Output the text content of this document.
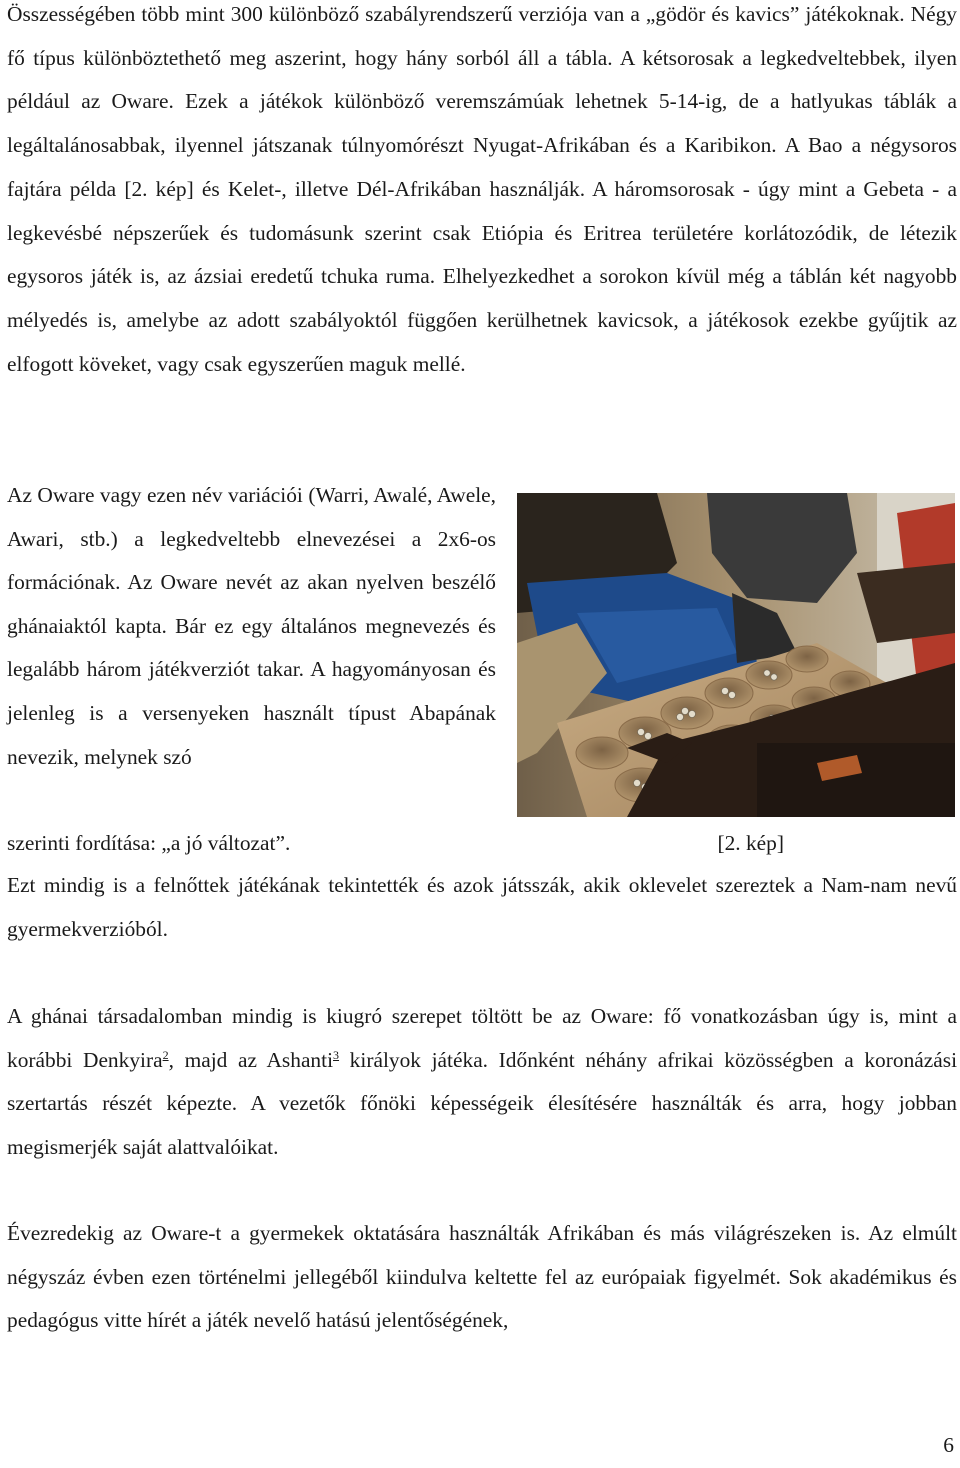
Összességében több mint 300 különböző szabályrendszerű verziója van a „gödör és kavics” játékoknak. Négy fő típus különböztethető meg aszerint, hogy hány sorból áll a tábla. A kétsorosak a legkedveltebbek, ilyen például az Oware. Ezek a játékok különböző veremszámúak lehetnek 5-14-ig, de a hatlyukas táblák a legáltalánosabbak, ilyennel játszanak túlnyomórészt Nyugat-Afrikában és a Karibikon. A Bao a négysoros fajtára példa [2. kép] és Kelet-, illetve Dél-Afrikában használják. A háromsorosak - úgy mint a Gebeta - a legkevésbé népszerűek és tudomásunk szerint csak Etiópia és Eritrea területére korlátozódik, de létezik egysoros játék is, az ázsiai eredetű tchuka ruma. Elhelyezkedhet a sorokon kívül még a táblán két nagyobb mélyedés is, amelybe az adott szabályoktól függően kerülhetnek kavicsok, a játékosok ezekbe gyűjtik az elfogott köveket, vagy csak egyszerűen maguk mellé.

Az Oware vagy ezen név variációi (Warri, Awalé, Awele, Awari, stb.) a legkedveltebb elnevezései a 2x6-os formációnak. Az Oware nevét az akan nyelven beszélő ghánaiaktól kapta. Bár ez egy általános megnevezés és legalább három játékverziót takar. A hagyományosan és jelenleg is a versenyeken használt típust Abapának nevezik, melynek szó

szerinti fordítása: „a jó változat”.	[2. kép]

Ezt mindig is a felnőttek játékának tekintették és azok játsszák, akik oklevelet szereztek a Nam-nam nevű gyermekverzióból.

A ghánai társadalomban mindig is kiugró szerepet töltött be az Oware: fő vonatkozásban úgy is, mint a korábbi Denkyira$^2$, majd az Ashanti$^3$ királyok játéka. Időnként néhány afrikai közösségben a koronázási szertartás részét képezte. A vezetők főnöki képességeik élesítésére használták és arra, hogy jobban megismerjék saját alattvalóikat.

Évezredekig az Oware-t a gyermekek oktatására használták Afrikában és más világrészeken is. Az elmúlt négyszáz évben ezen történelmi jellegéből kiindulva keltette fel az európaiak figyelmét. Sok akadémikus és pedagógus vitte hírét a játék nevelő hatású jelentőségének,

6
